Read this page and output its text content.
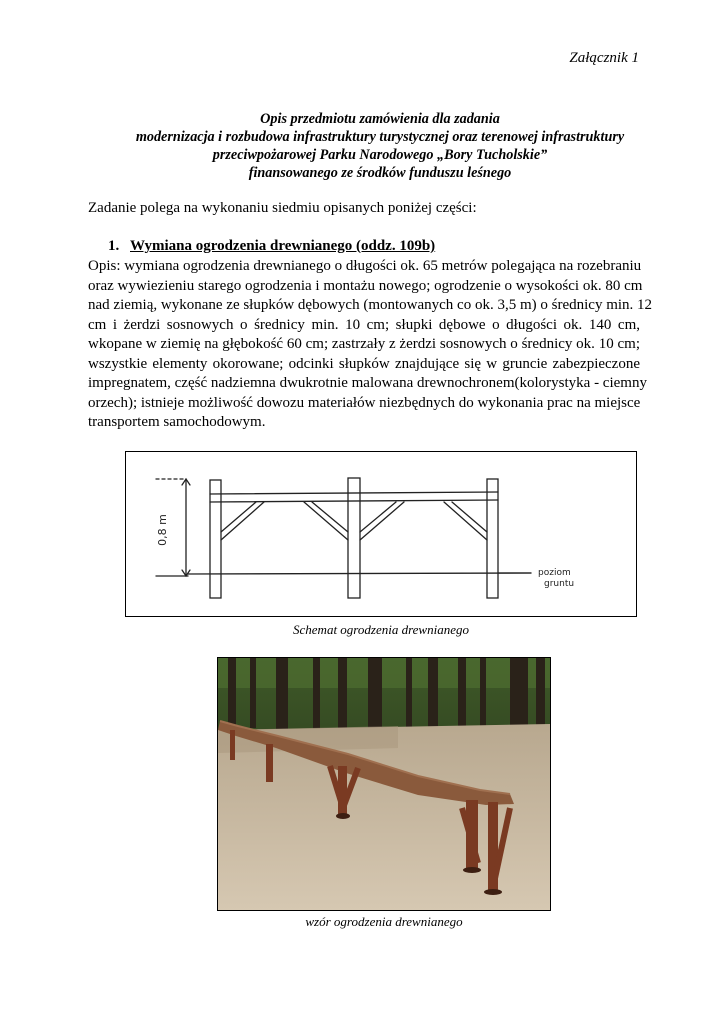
Załącznik 1
Opis przedmiotu zamówienia dla zadania
modernizacja i rozbudowa infrastruktury turystycznej oraz terenowej infrastruktury
przeciwpożarowej Parku Narodowego „Bory Tucholskie”
finansowanego ze środków funduszu leśnego
Zadanie polega na wykonaniu siedmiu opisanych poniżej części:
1. Wymiana ogrodzenia drewnianego (oddz. 109b)
Opis: wymiana ogrodzenia drewnianego o długości ok. 65 metrów polegająca na rozebraniu
oraz wywiezieniu starego ogrodzenia i montażu nowego; ogrodzenie o wysokości ok. 80 cm
nad ziemią, wykonane ze słupków dębowych (montowanych co ok. 3,5 m) o średnicy min. 12
cm i żerdzi sosnowych o średnicy min. 10 cm; słupki dębowe o długości ok. 140 cm,
wkopane w ziemię na głębokość 60 cm; zastrzały z żerdzi sosnowych o średnicy ok. 10 cm;
wszystkie elementy okorowane; odcinki słupków znajdujące się w gruncie zabezpieczone
impregnatem, część nadziemna dwukrotnie malowana drewnochronem(kolorystyka - ciemny
orzech); istnieje możliwość dowozu materiałów niezbędnych do wykonania prac na miejsce
transportem samochodowym.
0,8 m
poziom
gruntu
Schemat ogrodzenia drewnianego
wzór ogrodzenia drewnianego
